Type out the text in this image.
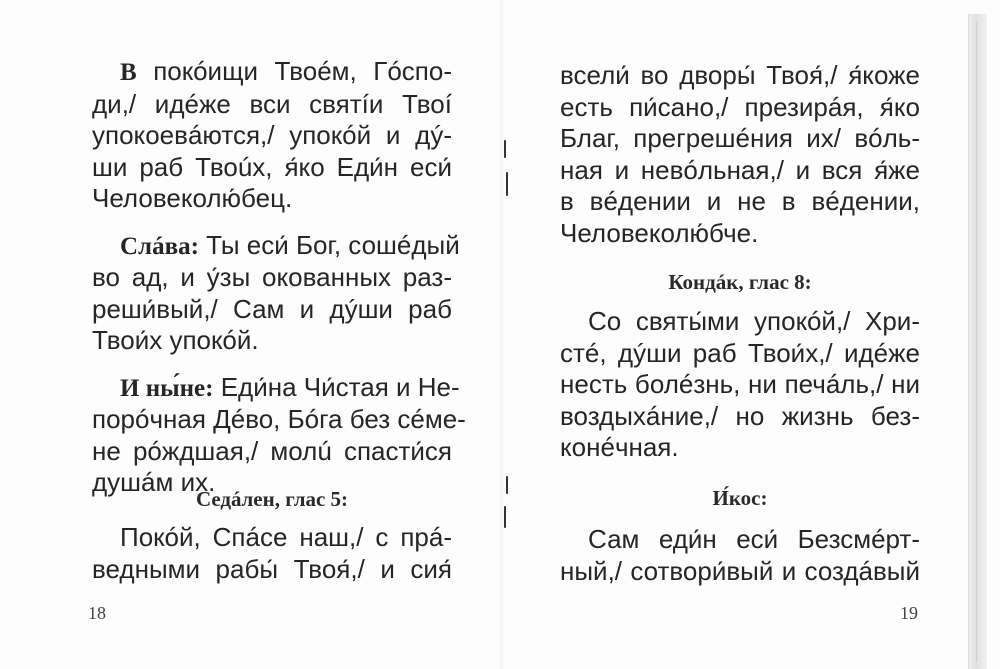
В покóищи Твоéм, Гóспо-
ди,/ идéже вси святíи Твоí
упокоевáются,/ упокóй и дý-
ши раб Твоúх, я́ко Еди́н еси́
Человеколю́бец.
Слáва: Ты еси́ Бог, сошéдый
во ад, и у́зы окованных раз-
реши́вый,/ Сам и дýши раб
Твои́х упокóй.
И ны́не: Еди́на Чи́стая и Не-
порóчная Дéво, Бóга без сéме-
не рóждшая,/ молú спасти́ся
душáм их.
Седáлен, глас 5:
Покóй, Спáсе наш,/ с прá-
ведными рабы́ Твоя́,/ и сия́
18
всели́ во дворы́ Твоя́,/ я́коже
есть пи́сано,/ презирáя, я́ко
Благ, прегрешéния их/ вóль-
ная и невóльная,/ и вся я́же
в вéдении и не в вéдении,
Человеколю́бче.
Кондáк, глас 8:
Со святы́ми упокóй,/ Хри-
стé, дýши раб Твои́х,/ идéже
несть болéзнь, ни печáль,/ ни
воздыхáние,/ но жизнь без-
конéчная.
И́кос:
Сам еди́н еси́ Безсмéрт-
ный,/ сотвори́вый и создáвый
19
